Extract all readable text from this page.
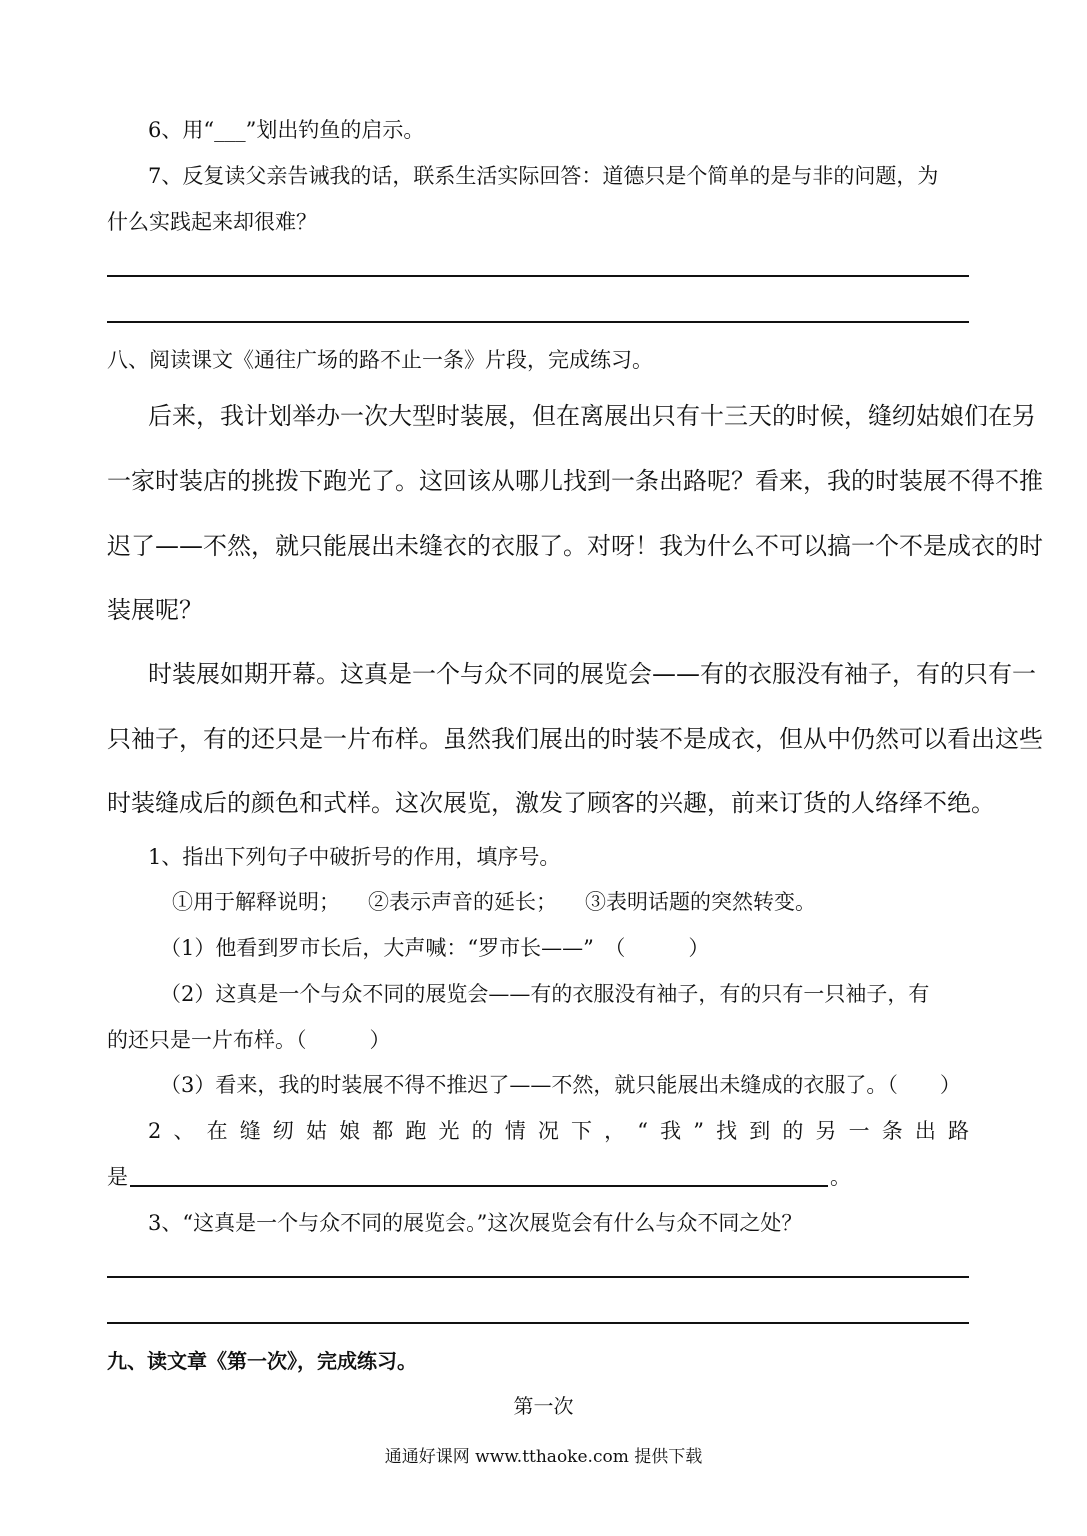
6、用“___”划出钓鱼的启示。
7、反复读父亲告诫我的话，联系生活实际回答：道德只是个简单的是与非的问题，为
什么实践起来却很难？
八、阅读课文《通往广场的路不止一条》片段，完成练习。
后来，我计划举办一次大型时装展，但在离展出只有十三天的时候，缝纫姑娘们在另
一家时装店的挑拨下跑光了。这回该从哪儿找到一条出路呢？看来，我的时装展不得不推
迟了——不然，就只能展出未缝衣的衣服了。对呀！我为什么不可以搞一个不是成衣的时
装展呢？
时装展如期开幕。这真是一个与众不同的展览会——有的衣服没有袖子，有的只有一
只袖子，有的还只是一片布样。虽然我们展出的时装不是成衣，但从中仍然可以看出这些
时装缝成后的颜色和式样。这次展览，激发了顾客的兴趣，前来订货的人络绎不绝。
1、指出下列句子中破折号的作用，填序号。
①用于解释说明； ②表示声音的延长； ③表明话题的突然转变。
（1）他看到罗市长后，大声喊：“罗市长——”　（　　　）
（2）这真是一个与众不同的展览会——有的衣服没有袖子，有的只有一只袖子，有
的还只是一片布样。（　　　）
（3）看来，我的时装展不得不推迟了——不然，就只能展出未缝成的衣服了。（　　）
2 、 在 缝 纫 姑 娘 都 跑 光 的 情 况 下 ， “ 我 ” 找 到 的 另 一 条 出 路
是	。
3、“这真是一个与众不同的展览会。”这次展览会有什么与众不同之处？
九、读文章《第一次》，完成练习。
第一次
通通好课网 www.tthaoke.com 提供下载
